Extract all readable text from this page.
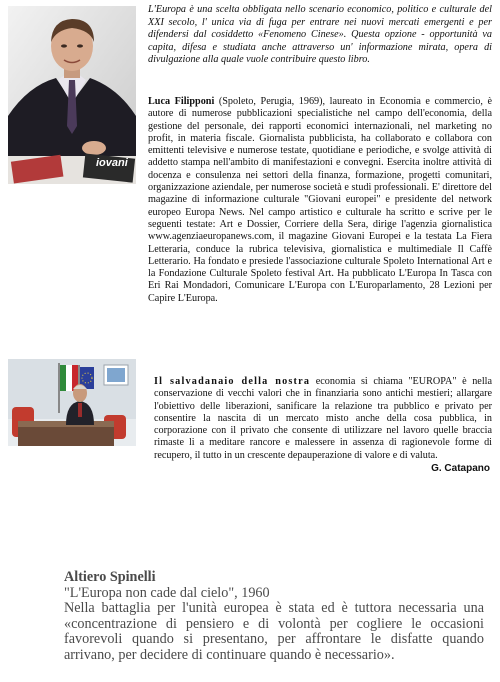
iovani

L'Europa è una scelta obbligata nello scenario economico, politico e culturale del XXI secolo, l' unica via di fuga per entrare nei nuovi mercati emergenti e per difendersi dal cosiddetto «Fenomeno Cinese». Questa opzione - opportunità va capita, difesa e studiata anche attraverso un' informazione mirata, opera di divulgazione alla quale vuole contribuire questo libro.

Luca Filipponi (Spoleto, Perugia, 1969), laureato in Economia e commercio, è autore di numerose pubblicazioni specialistiche nel campo dell'economia, della gestione del personale, dei rapporti economici internazionali, nel marketing no profit, in materia fiscale. Giornalista pubblicista, ha collaborato e collabora con emittenti televisive e numerose testate, quotidiane e periodiche, e svolge attività di addetto stampa nell'ambito di manifestazioni e convegni. Esercita inoltre attività di docenza e consulenza nei settori della finanza, formazione, progetti comunitari, organizzazione aziendale, per numerose società e studi professionali. E' direttore del magazine di informazione culturale "Giovani europei" e presidente del network europeo Europa News. Nel campo artistico e culturale ha scritto e scrive per le seguenti testate: Art e Dossier, Corriere della Sera, dirige l'agenzia giornalistica www.agenziaeuropanews.com, il magazine Giovani Europei e la testata La Fiera Letteraria, conduce la rubrica televisiva, giornalistica e multimediale Il Caffè Letterario. Ha fondato e presiede l'associazione culturale Spoleto International Art e la Fondazione Culturale Spoleto festival Art. Ha pubblicato L'Europa In Tasca con Eri Rai Mondadori, Comunicare L'Europa con L'Europarlamento, 28 Lezioni per Capire L'Europa.

Il salvadanaio della nostra economia si chiama "EUROPA" è nella conservazione di vecchi valori che in finanziaria sono antichi mestieri; allargare l'obiettivo delle liberazioni, sanificare la relazione tra pubblico e privato per consentire la nascita di un mercato misto anche della cosa pubblica, in corporazione con il privato che consente di utilizzare nel lavoro quelle braccia rimaste li a meditare rancore e malessere in assenza di ragionevole forme di recupero, il tutto in un crescente depauperazione di valore e di valuta.

G. Catapano
Altiero Spinelli
"L'Europa non cade dal cielo", 1960
Nella battaglia per l'unità europea è stata ed è tuttora necessaria una «concentrazione di pensiero e di volontà per cogliere le occasioni favorevoli quando si presentano, per affrontare le disfatte quando arrivano, per decidere di continuare quando è necessario».
